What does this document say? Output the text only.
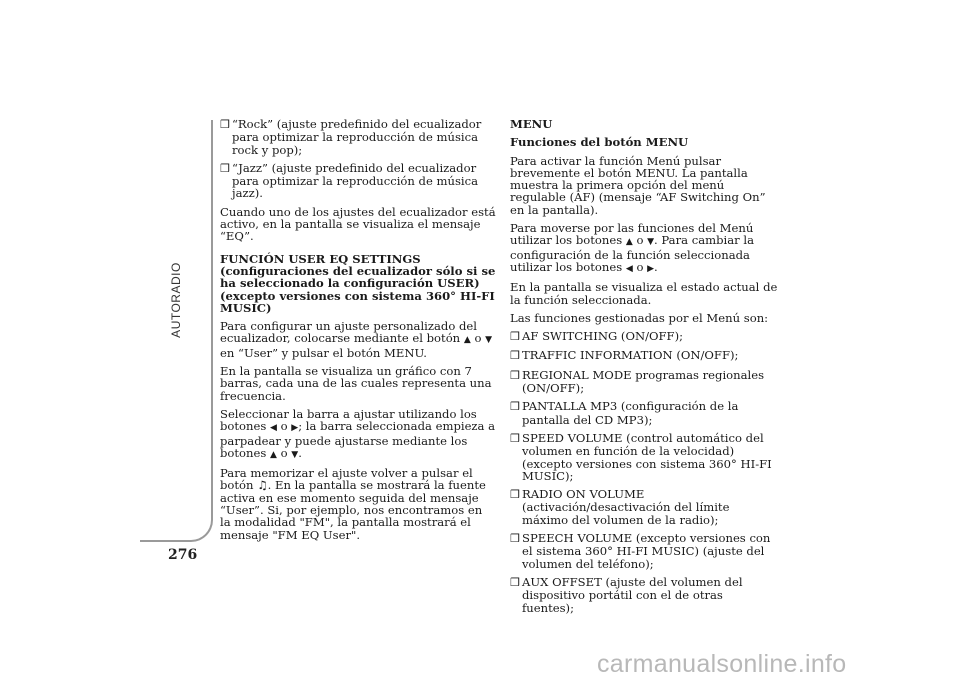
AUTORADIO
276

❒ “Rock” (ajuste predefinido del ecualizador para optimizar la reproducción de música rock y pop);

❒ “Jazz” (ajuste predefinido del ecualizador para optimizar la reproducción de música jazz).

Cuando uno de los ajustes del ecualizador está activo, en la pantalla se visualiza el mensaje “EQ”.

FUNCIÓN USER EQ SETTINGS
(configuraciones del ecualizador sólo si se ha seleccionado la configuración USER)
(excepto versiones con sistema 360° HI-FI MUSIC)

Para configurar un ajuste personalizado del ecualizador, colocarse mediante el botón ▲ o ▼ en “User” y pulsar el botón MENU.

En la pantalla se visualiza un gráfico con 7 barras, cada una de las cuales representa una frecuencia.

Seleccionar la barra a ajustar utilizando los botones ◀ o ▶; la barra seleccionada empieza a parpadear y puede ajustarse mediante los botones ▲ o ▼.

Para memorizar el ajuste volver a pulsar el botón ♫. En la pantalla se mostrará la fuente activa en ese momento seguida del mensaje “User”. Si, por ejemplo, nos encontramos en la modalidad "FM", la pantalla mostrará el mensaje "FM EQ User".

MENU

Funciones del botón MENU

Para activar la función Menú pulsar brevemente el botón MENU. La pantalla muestra la primera opción del menú regulable (AF) (mensaje “AF Switching On” en la pantalla).

Para moverse por las funciones del Menú utilizar los botones ▲ o ▼. Para cambiar la configuración de la función seleccionada utilizar los botones ◀ o ▶.

En la pantalla se visualiza el estado actual de la función seleccionada.

Las funciones gestionadas por el Menú son:

❒ AF SWITCHING (ON/OFF);

❒ TRAFFIC INFORMATION (ON/OFF);

❒ REGIONAL MODE programas regionales (ON/OFF);

❒ PANTALLA MP3 (configuración de la pantalla del CD MP3);

❒ SPEED VOLUME (control automático del volumen en función de la velocidad) (excepto versiones con sistema 360° HI-FI MUSIC);

❒ RADIO ON VOLUME (activación/desactivación del límite máximo del volumen de la radio);

❒ SPEECH VOLUME (excepto versiones con el sistema 360° HI-FI MUSIC) (ajuste del volumen del teléfono);

❒ AUX OFFSET (ajuste del volumen del dispositivo portátil con el de otras fuentes);

carmanualsonline.info
